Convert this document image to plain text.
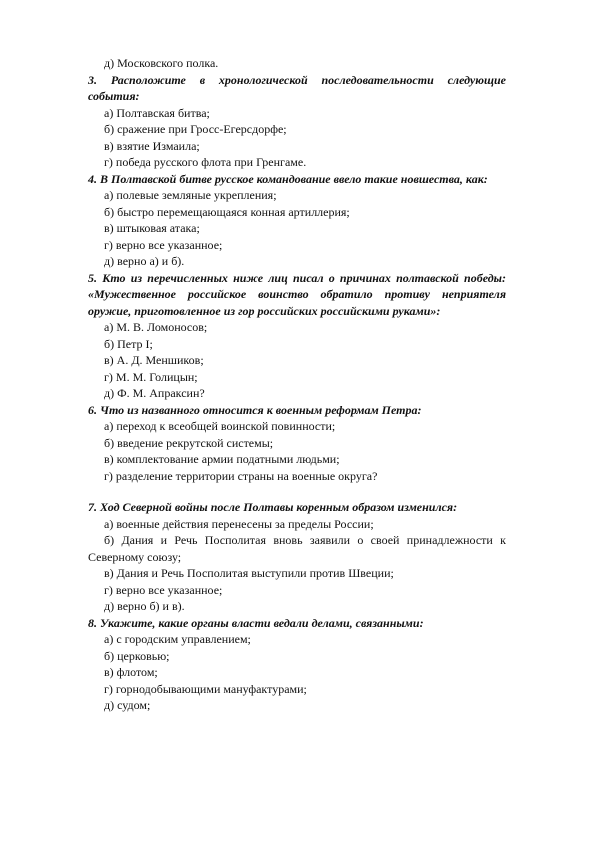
д) Московского полка.

3. Расположите в хронологической последовательности следующие события:

а) Полтавская битва;

б) сражение при Гросс-Егерсдорфе;

в) взятие Измаила;

г) победа русского флота при Гренгаме.

4. В Полтавской битве русское командование ввело такие новшества, как:

а) полевые земляные укрепления;

б) быстро перемещающаяся конная артиллерия;

в) штыковая атака;

г) верно все указанное;

д) верно а) и б).

5. Кто из перечисленных ниже лиц писал о причинах полтавской победы: «Мужественное российское воинство обратило противу неприятеля оружие, приготовленное из гор российских российскими руками»:

а) М. В. Ломоносов;

б) Петр I;

в) А. Д. Меншиков;

г) М. М. Голицын;

д) Ф. М. Апраксин?

6. Что из названного относится к военным реформам Петра:

а) переход к всеобщей воинской повинности;

б) введение рекрутской системы;

в) комплектование армии податными людьми;

г) разделение территории страны на военные округа?

7. Ход Северной войны после Полтавы коренным образом изменился:

а) военные действия перенесены за пределы России;

б) Дания и Речь Посполитая вновь заявили о своей принадлежности к Северному союзу;

в) Дания и Речь Посполитая выступили против Швеции;

г) верно все указанное;

д) верно б) и в).

8. Укажите, какие органы власти ведали делами, связанными:

а) с городским управлением;

б) церковью;

в) флотом;

г) горнодобывающими мануфактурами;

д) судом;
